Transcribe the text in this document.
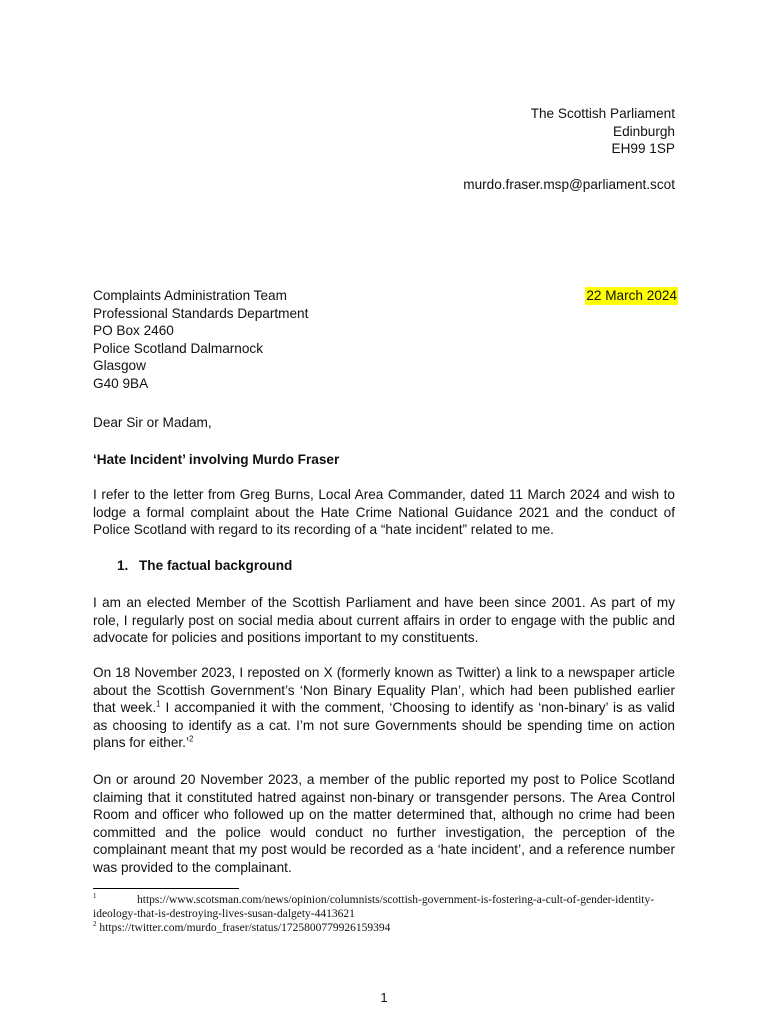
The Scottish Parliament
Edinburgh
EH99 1SP
murdo.fraser.msp@parliament.scot
22 March 2024
Complaints Administration Team
Professional Standards Department
PO Box 2460
Police Scotland Dalmarnock
Glasgow
G40 9BA
Dear Sir or Madam,
‘Hate Incident’ involving Murdo Fraser
I refer to the letter from Greg Burns, Local Area Commander, dated 11 March 2024 and wish to lodge a formal complaint about the Hate Crime National Guidance 2021 and the conduct of Police Scotland with regard to its recording of a “hate incident” related to me.
1. The factual background
I am an elected Member of the Scottish Parliament and have been since 2001. As part of my role, I regularly post on social media about current affairs in order to engage with the public and advocate for policies and positions important to my constituents.
On 18 November 2023, I reposted on X (formerly known as Twitter) a link to a newspaper article about the Scottish Government’s ‘Non Binary Equality Plan’, which had been published earlier that week.$^1$ I accompanied it with the comment, ‘Choosing to identify as ‘non-binary’ is as valid as choosing to identify as a cat. I’m not sure Governments should be spending time on action plans for either.’$^2$
On or around 20 November 2023, a member of the public reported my post to Police Scotland claiming that it constituted hatred against non-binary or transgender persons. The Area Control Room and officer who followed up on the matter determined that, although no crime had been committed and the police would conduct no further investigation, the perception of the complainant meant that my post would be recorded as a ‘hate incident’, and a reference number was provided to the complainant.
1	https://www.scotsman.com/news/opinion/columnists/scottish-government-is-fostering-a-cult-of-gender-identity-ideology-that-is-destroying-lives-susan-dalgety-4413621
$^2$ https://twitter.com/murdo_fraser/status/1725800779926159394
1
